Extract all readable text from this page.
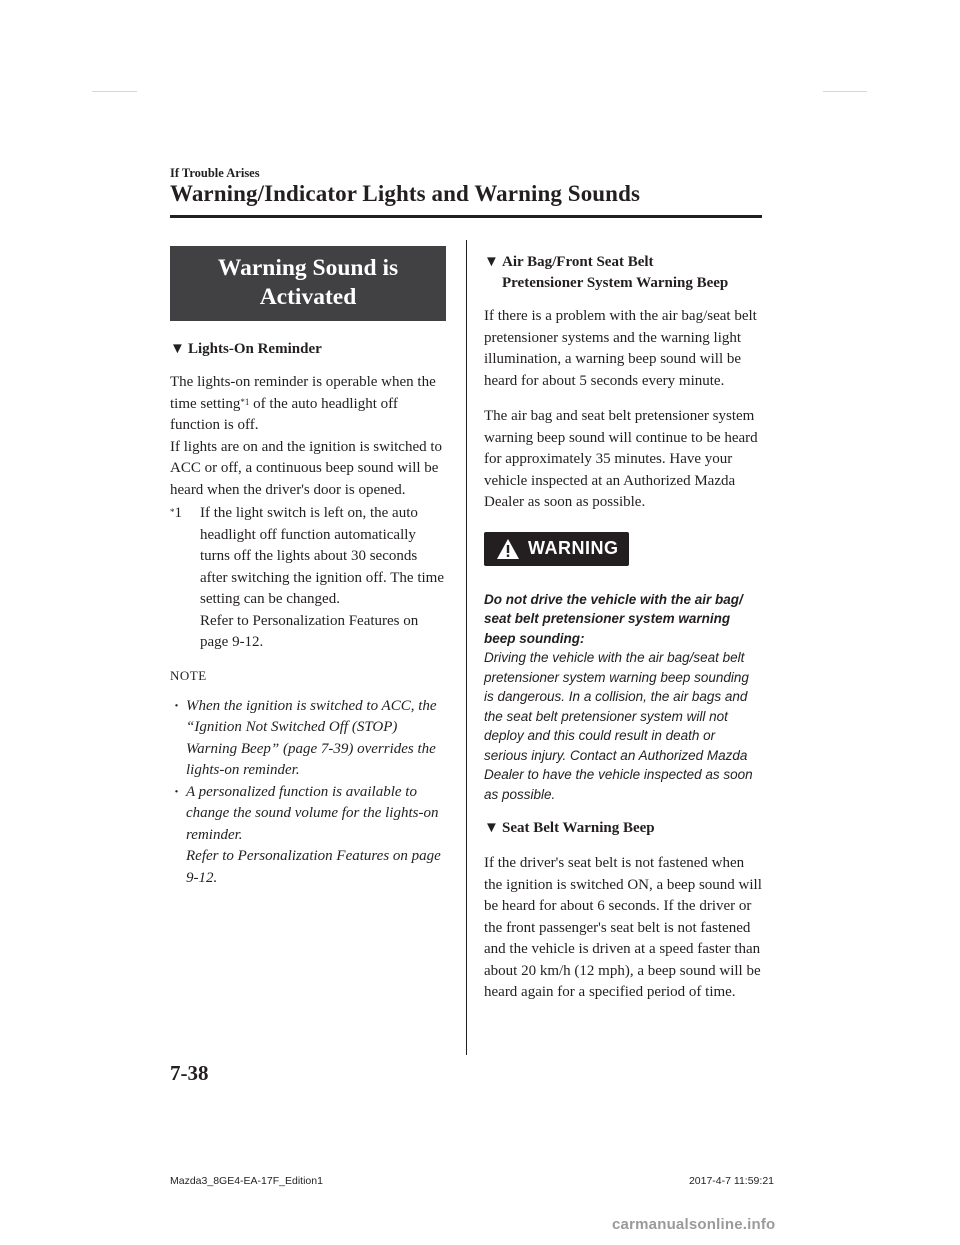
If Trouble Arises
Warning/Indicator Lights and Warning Sounds
Warning Sound is
Activated
▼ Lights-On Reminder

The lights-on reminder is operable when the time setting$^{*1}$ of the auto headlight off function is off.

If lights are on and the ignition is switched to ACC or off, a continuous beep sound will be heard when the driver's door is opened.

*1	If the light switch is left on, the auto headlight off function automatically turns off the lights about 30 seconds after switching the ignition off. The time setting can be changed.
Refer to Personalization Features on page 9-12.
NOTE
· When the ignition is switched to ACC, the “Ignition Not Switched Off (STOP) Warning Beep” (page 7-39) overrides the lights-on reminder.
· A personalized function is available to change the sound volume for the lights-on reminder.
Refer to Personalization Features on page 9-12.
▼ Air Bag/Front Seat Belt
Pretensioner System Warning Beep

If there is a problem with the air bag/seat belt pretensioner systems and the warning light illumination, a warning beep sound will be heard for about 5 seconds every minute.

The air bag and seat belt pretensioner system warning beep sound will continue to be heard for approximately 35 minutes. Have your vehicle inspected at an Authorized Mazda Dealer as soon as possible.

WARNING
Do not drive the vehicle with the air bag/ seat belt pretensioner system warning beep sounding:
Driving the vehicle with the air bag/seat belt pretensioner system warning beep sounding is dangerous. In a collision, the air bags and the seat belt pretensioner system will not deploy and this could result in death or serious injury. Contact an Authorized Mazda Dealer to have the vehicle inspected as soon as possible.
▼ Seat Belt Warning Beep

If the driver's seat belt is not fastened when the ignition is switched ON, a beep sound will be heard for about 6 seconds. If the driver or the front passenger's seat belt is not fastened and the vehicle is driven at a speed faster than about 20 km/h (12 mph), a beep sound will be heard again for a specified period of time.

7-38
Mazda3_8GE4-EA-17F_Edition1	2017-4-7 11:59:21
carmanualsonline.info
